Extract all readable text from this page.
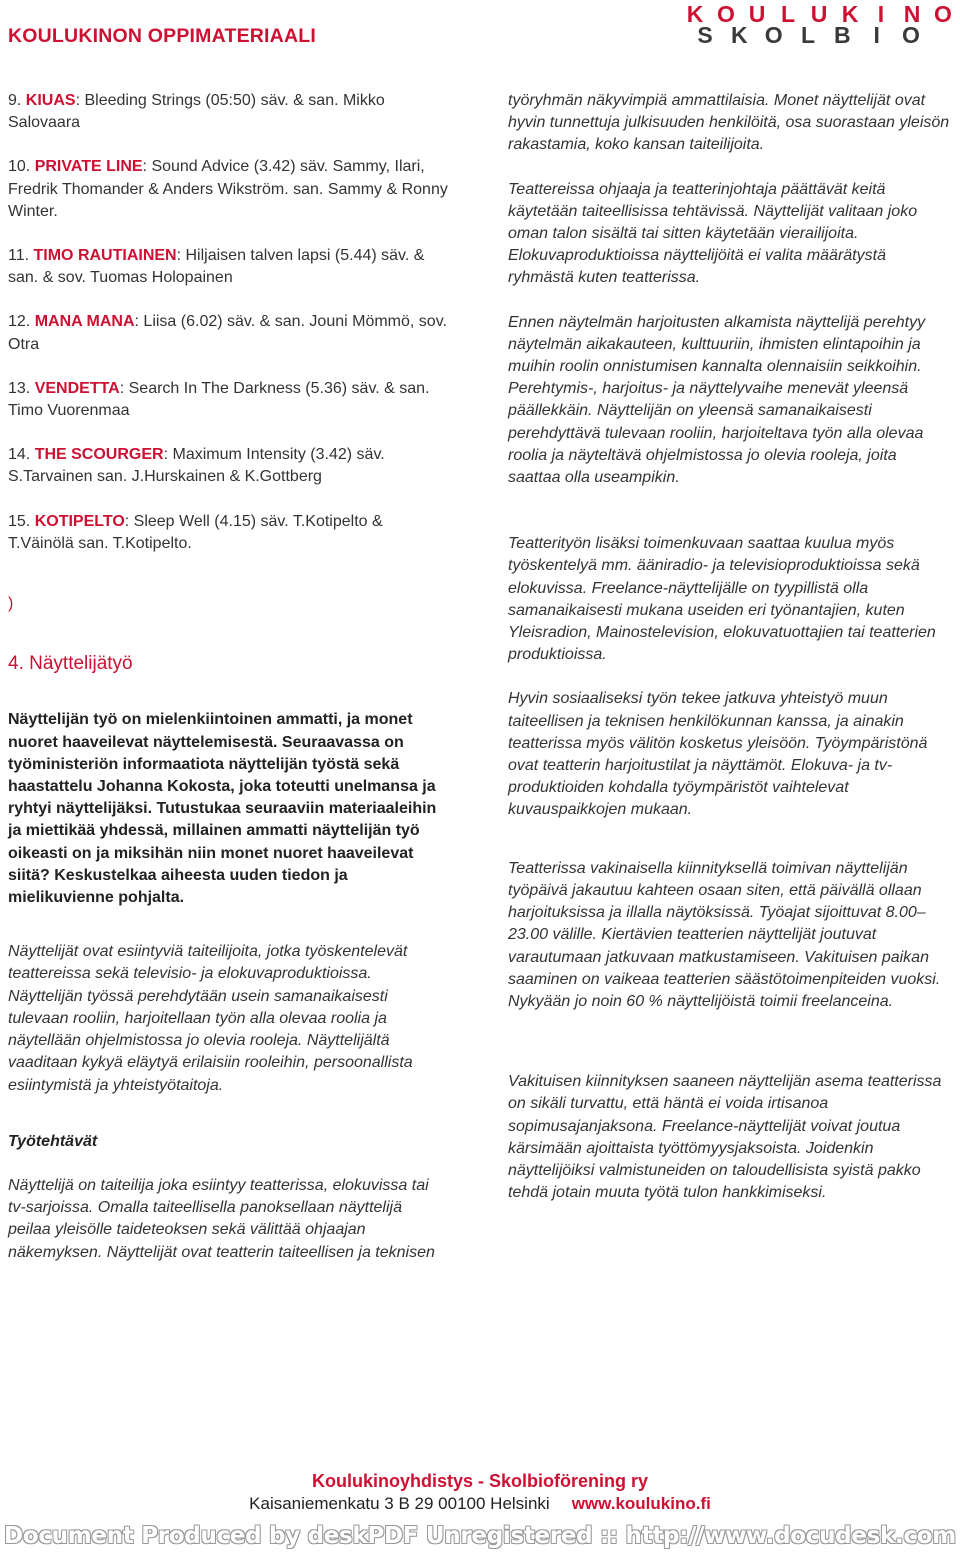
KOULUKINON OPPIMATERIAALI
K O U L U K I N O
S K O L B I O
9. KIUAS: Bleeding Strings (05:50) säv. & san. Mikko Salovaara
10. PRIVATE LINE: Sound Advice (3.42) säv. Sammy, Ilari, Fredrik Thomander & Anders Wikström. san. Sammy & Ronny Winter.
11. TIMO RAUTIAINEN: Hiljaisen talven lapsi (5.44) säv. & san. & sov. Tuomas Holopainen
12. MANA MANA: Liisa (6.02) säv. & san. Jouni Mömmö, sov. Otra
13. VENDETTA: Search In The Darkness (5.36) säv. & san. Timo Vuorenmaa
14. THE SCOURGER: Maximum Intensity (3.42) säv. S.Tarvainen san. J.Hurskainen & K.Gottberg
15. KOTIPELTO: Sleep Well (4.15) säv. T.Kotipelto & T.Väinölä san. T.Kotipelto.
)
4. Näyttelijätyö
Näyttelijän työ on mielenkiintoinen ammatti, ja monet nuoret haaveilevat näyttelemisestä. Seuraavassa on työministeriön informaatiota näyttelijän työstä sekä haastattelu Johanna Kokosta, joka toteutti unelmansa ja ryhtyi näyttelijäksi. Tutustukaa seuraaviin materiaaleihin ja miettikää yhdessä, millainen ammatti näyttelijän työ oikeasti on ja miksihän niin monet nuoret haaveilevat siitä? Keskustelkaa aiheesta uuden tiedon ja mielikuvienne pohjalta.
Näyttelijät ovat esiintyviä taiteilijoita, jotka työskentelevät teattereissa sekä televisio- ja elokuvaproduktioissa. Näyttelijän työssä perehdytään usein samanaikaisesti tulevaan rooliin, harjoitellaan työn alla olevaa roolia ja näytellään ohjelmistossa jo olevia rooleja. Näyttelijältä vaaditaan kykyä eläytyä erilaisiin rooleihin, persoonallista esiintymistä ja yhteistyötaitoja.
Työtehtävät
Näyttelijä on taiteilija joka esiintyy teatterissa, elokuvissa tai tv-sarjoissa. Omalla taiteellisella panoksellaan näyttelijä peilaa yleisölle taideteoksen sekä välittää ohjaajan näkemyksen. Näyttelijät ovat teatterin taiteellisen ja teknisen
työryhmän näkyvimpiä ammattilaisia. Monet näyttelijät ovat hyvin tunnettuja julkisuuden henkilöitä, osa suorastaan yleisön rakastamia, koko kansan taiteilijoita.
Teattereissa ohjaaja ja teatterinjohtaja päättävät keitä käytetään taiteellisissa tehtävissä. Näyttelijät valitaan joko oman talon sisältä tai sitten käytetään vierailijoita. Elokuvaproduktioissa näyttelijöitä ei valita määrätystä ryhmästä kuten teatterissa.
Ennen näytelmän harjoitusten alkamista näyttelijä perehtyy näytelmän aikakauteen, kulttuuriin, ihmisten elintapoihin ja muihin roolin onnistumisen kannalta olennaisiin seikkoihin. Perehtymis-, harjoitus- ja näyttelyvaihe menevät yleensä päällekkäin. Näyttelijän on yleensä samanaikaisesti perehdyttävä tulevaan rooliin, harjoiteltava työn alla olevaa roolia ja näyteltävä ohjelmistossa jo olevia rooleja, joita saattaa olla useampikin.
Teatterityön lisäksi toimenkuvaan saattaa kuulua myös työskentelyä mm. ääniradio- ja televisioproduktioissa sekä elokuvissa. Freelance-näyttelijälle on tyypillistä olla samanaikaisesti mukana useiden eri työnantajien, kuten Yleisradion, Mainostelevision, elokuvatuottajien tai teatterien produktioissa.
Hyvin sosiaaliseksi työn tekee jatkuva yhteistyö muun taiteellisen ja teknisen henkilökunnan kanssa, ja ainakin teatterissa myös välitön kosketus yleisöön. Työympäristönä ovat teatterin harjoitustilat ja näyttämöt. Elokuva- ja tv-produktioiden kohdalla työympäristöt vaihtelevat kuvauspaikkojen mukaan.
Teatterissa vakinaisella kiinnityksellä toimivan näyttelijän työpäivä jakautuu kahteen osaan siten, että päivällä ollaan harjoituksissa ja illalla näytöksissä. Työajat sijoittuvat 8.00–23.00 välille. Kiertävien teatterien näyttelijät joutuvat varautumaan jatkuvaan matkustamiseen. Vakituisen paikan saaminen on vaikeaa teatterien säästötoimenpiteiden vuoksi. Nykyään jo noin 60 % näyttelijöistä toimii freelanceina.
Vakituisen kiinnityksen saaneen näyttelijän asema teatterissa on sikäli turvattu, että häntä ei voida irtisanoa sopimusajanjaksona. Freelance-näyttelijät voivat joutua kärsimään ajoittaista työttömyysjaksoista. Joidenkin näyttelijöiksi valmistuneiden on taloudellisista syistä pakko tehdä jotain muuta työtä tulon hankkimiseksi.
Koulukinoyhdistys - Skolbioförening ry
Kaisaniemenkatu 3 B 29 00100 Helsinki www.koulukino.fi
Document Produced by deskPDF Unregistered :: http://www.docudesk.com
